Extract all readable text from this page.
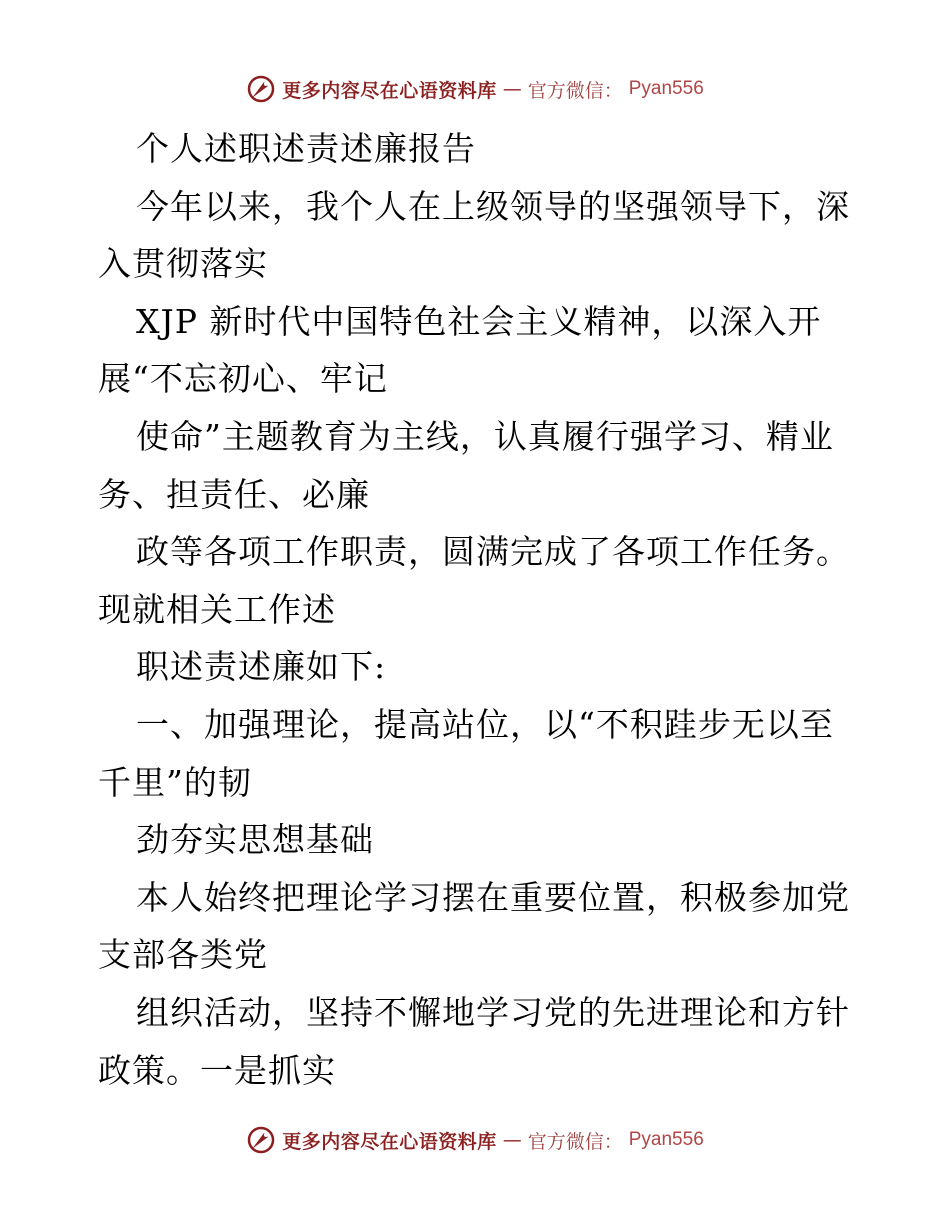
更多内容尽在心语资料库 — 官方微信： Pyan556
个人述职述责述廉报告
今年以来，我个人在上级领导的坚强领导下，深
入贯彻落实
XJP 新时代中国特色社会主义精神，以深入开
展“不忘初心、牢记
使命”主题教育为主线，认真履行强学习、精业
务、担责任、必廉
政等各项工作职责，圆满完成了各项工作任务。
现就相关工作述
职述责述廉如下:
一、加强理论，提高站位，以“不积跬步无以至
千里”的韧
劲夯实思想基础
本人始终把理论学习摆在重要位置，积极参加党
支部各类党
组织活动，坚持不懈地学习党的先进理论和方针
政策。一是抓实
更多内容尽在心语资料库 — 官方微信： Pyan556
